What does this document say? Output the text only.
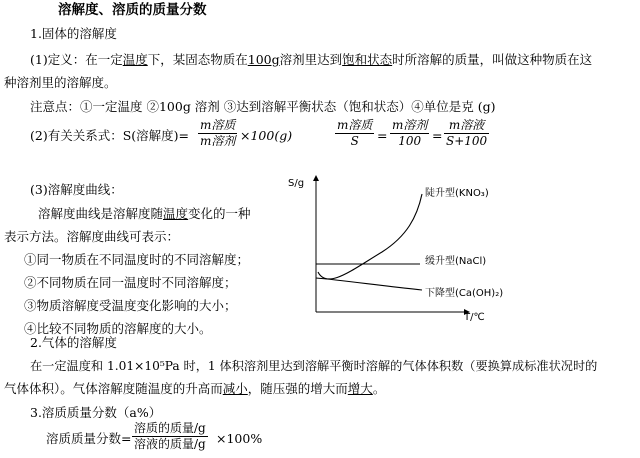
溶解度、溶质的质量分数
1.固体的溶解度
(1)定义：在一定温度下，某固态物质在100g溶剂里达到饱和状态时所溶解的质量，叫做这种物质在这
种溶剂里的溶解度。
注意点：①一定温度 ②100g 溶剂 ③达到溶解平衡状态（饱和状态）④单位是克 (g)
(2)有关关系式：S(溶解度)=
m溶质
m溶剂 ×100(g)
m溶质
S	=
m溶剂
100 =
m溶液
S+100
(3)溶解度曲线：
溶解度曲线是溶解度随温度变化的一种
表示方法。溶解度曲线可表示：
①同一物质在不同温度时的不同溶解度；
②不同物质在同一温度时不同溶解度；
③物质溶解度受温度变化影响的大小；
④比较不同物质的溶解度的大小。
S/g
T/℃
陡升型(KNO₃)
缓升型(NaCl)
下降型(Ca(OH)₂)
2.气体的溶解度
在一定温度和 1.01×10⁵Pa 时，1 体积溶剂里达到溶解平衡时溶解的气体体积数（要换算成标准状况时的
气体体积）。气体溶解度随温度的升高而减小，随压强的增大而增大。
3.溶质质量分数（a%）
溶质质量分数=
溶质的质量/g
溶液的质量/g ×100%
